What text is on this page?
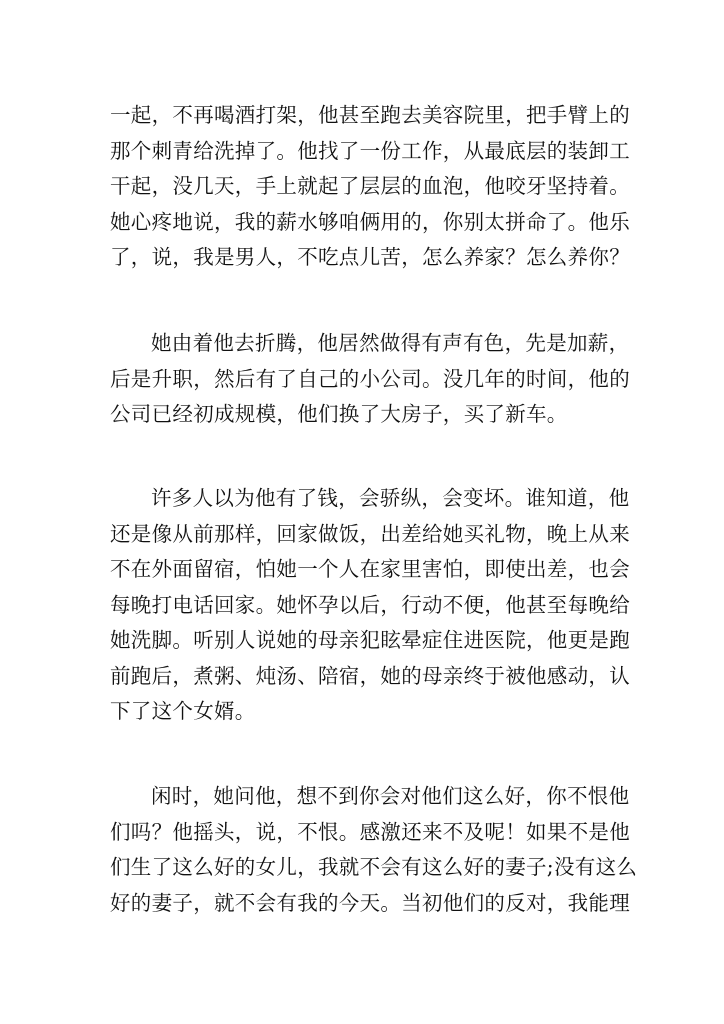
一起，不再喝酒打架，他甚至跑去美容院里，把手臂上的
那个刺青给洗掉了。他找了一份工作，从最底层的装卸工
干起，没几天，手上就起了层层的血泡，他咬牙坚持着。
她心疼地说，我的薪水够咱俩用的，你别太拼命了。他乐
了，说，我是男人，不吃点儿苦，怎么养家？怎么养你？
她由着他去折腾，他居然做得有声有色，先是加薪，
后是升职，然后有了自己的小公司。没几年的时间，他的
公司已经初成规模，他们换了大房子，买了新车。
许多人以为他有了钱，会骄纵，会变坏。谁知道，他
还是像从前那样，回家做饭，出差给她买礼物，晚上从来
不在外面留宿，怕她一个人在家里害怕，即使出差，也会
每晚打电话回家。她怀孕以后，行动不便，他甚至每晚给
她洗脚。听别人说她的母亲犯眩晕症住进医院，他更是跑
前跑后，煮粥、炖汤、陪宿，她的母亲终于被他感动，认
下了这个女婿。
闲时，她问他，想不到你会对他们这么好，你不恨他
们吗？他摇头，说，不恨。感激还来不及呢！如果不是他
们生了这么好的女儿，我就不会有这么好的妻子;没有这么
好的妻子，就不会有我的今天。当初他们的反对，我能理
